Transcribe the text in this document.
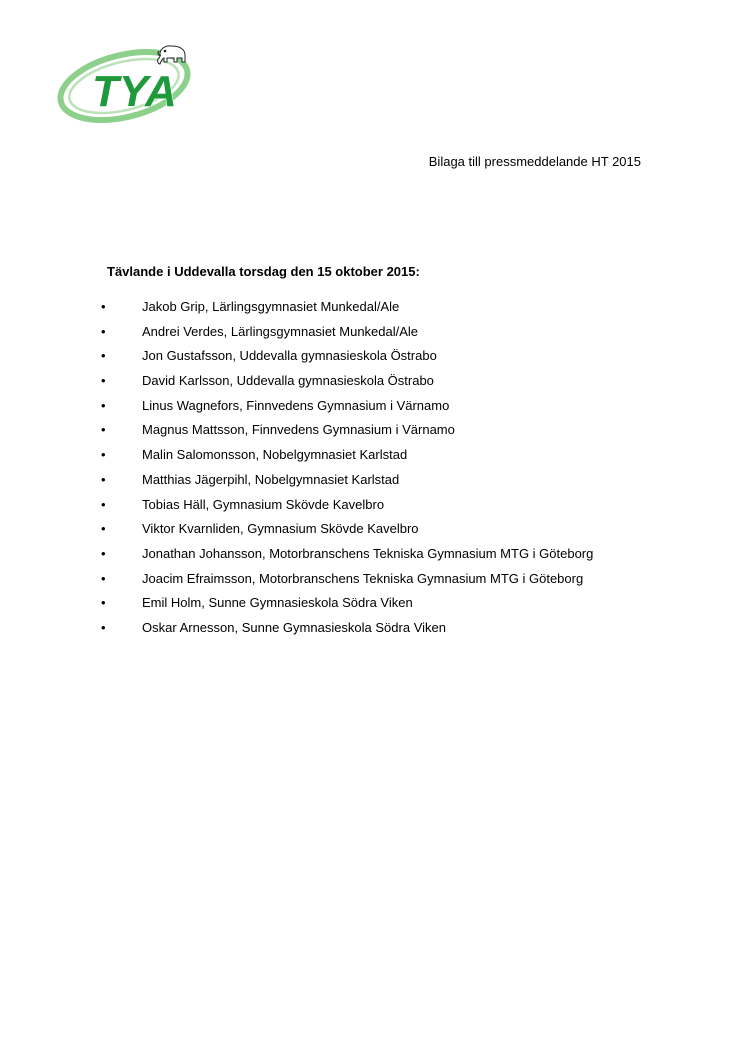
TYA
Bilaga till pressmeddelande HT 2015
Tävlande i Uddevalla torsdag den 15 oktober 2015:
•	Jakob Grip, Lärlingsgymnasiet Munkedal/Ale
•	Andrei Verdes, Lärlingsgymnasiet Munkedal/Ale
•	Jon Gustafsson, Uddevalla gymnasieskola Östrabo
•	David Karlsson, Uddevalla gymnasieskola Östrabo
•	Linus Wagnefors, Finnvedens Gymnasium i Värnamo
•	Magnus Mattsson, Finnvedens Gymnasium i Värnamo
•	Malin Salomonsson, Nobelgymnasiet Karlstad
•	Matthias Jägerpihl, Nobelgymnasiet Karlstad
•	Tobias Häll, Gymnasium Skövde Kavelbro
•	Viktor Kvarnliden, Gymnasium Skövde Kavelbro
•	Jonathan Johansson, Motorbranschens Tekniska Gymnasium MTG i Göteborg
•	Joacim Efraimsson, Motorbranschens Tekniska Gymnasium MTG i Göteborg
•	Emil Holm, Sunne Gymnasieskola Södra Viken
•	Oskar Arnesson, Sunne Gymnasieskola Södra Viken
